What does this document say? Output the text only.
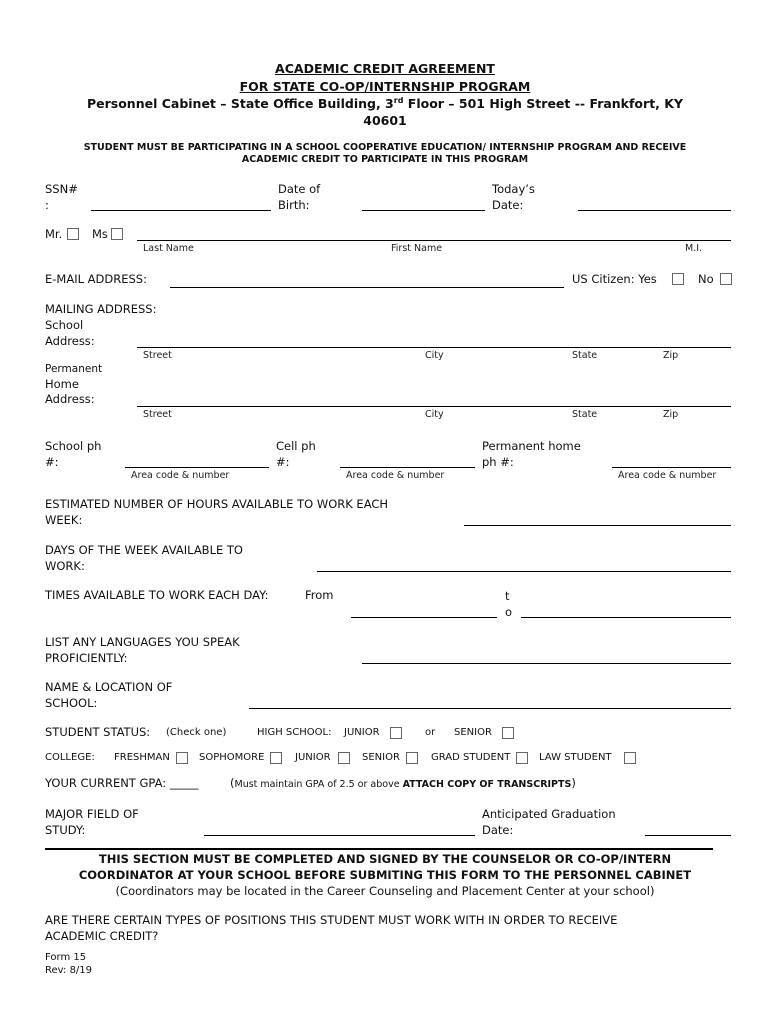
ACADEMIC CREDIT AGREEMENT
FOR STATE CO-OP/INTERNSHIP PROGRAM
Personnel Cabinet – State Office Building, 3rd Floor – 501 High Street -- Frankfort, KY
40601
STUDENT MUST BE PARTICIPATING IN A SCHOOL COOPERATIVE EDUCATION/ INTERNSHIP PROGRAM AND RECEIVE
ACADEMIC CREDIT TO PARTICIPATE IN THIS PROGRAM
SSN#
:
Date of
Birth:
Today’s
Date:
Mr.	Ms
Last Name	First Name	M.I.
E-MAIL ADDRESS:	US Citizen: Yes	No
MAILING ADDRESS:
School
Address:
Street	City	State	Zip
Permanent
Home
Address:
Street	City	State	Zip
School ph
#:
Area code & number
Cell ph
#:
Area code & number
Permanent home
ph #:
Area code & number
ESTIMATED NUMBER OF HOURS AVAILABLE TO WORK EACH
WEEK:
DAYS OF THE WEEK AVAILABLE TO
WORK:
TIMES AVAILABLE TO WORK EACH DAY:	From	t
o
LIST ANY LANGUAGES YOU SPEAK
PROFICIENTLY:
NAME & LOCATION OF
SCHOOL:
STUDENT STATUS: (Check one)	HIGH SCHOOL: JUNIOR	or SENIOR
COLLEGE: FRESHMAN	SOPHOMORE	JUNIOR	SENIOR	GRAD STUDENT	LAW STUDENT
YOUR CURRENT GPA: _____	(Must maintain GPA of 2.5 or above ATTACH COPY OF TRANSCRIPTS)
MAJOR FIELD OF
STUDY:
Anticipated Graduation
Date:
THIS SECTION MUST BE COMPLETED AND SIGNED BY THE COUNSELOR OR CO-OP/INTERN
COORDINATOR AT YOUR SCHOOL BEFORE SUBMITING THIS FORM TO THE PERSONNEL CABINET
(Coordinators may be located in the Career Counseling and Placement Center at your school)
ARE THERE CERTAIN TYPES OF POSITIONS THIS STUDENT MUST WORK WITH IN ORDER TO RECEIVE
ACADEMIC CREDIT?
Form 15
Rev: 8/19
